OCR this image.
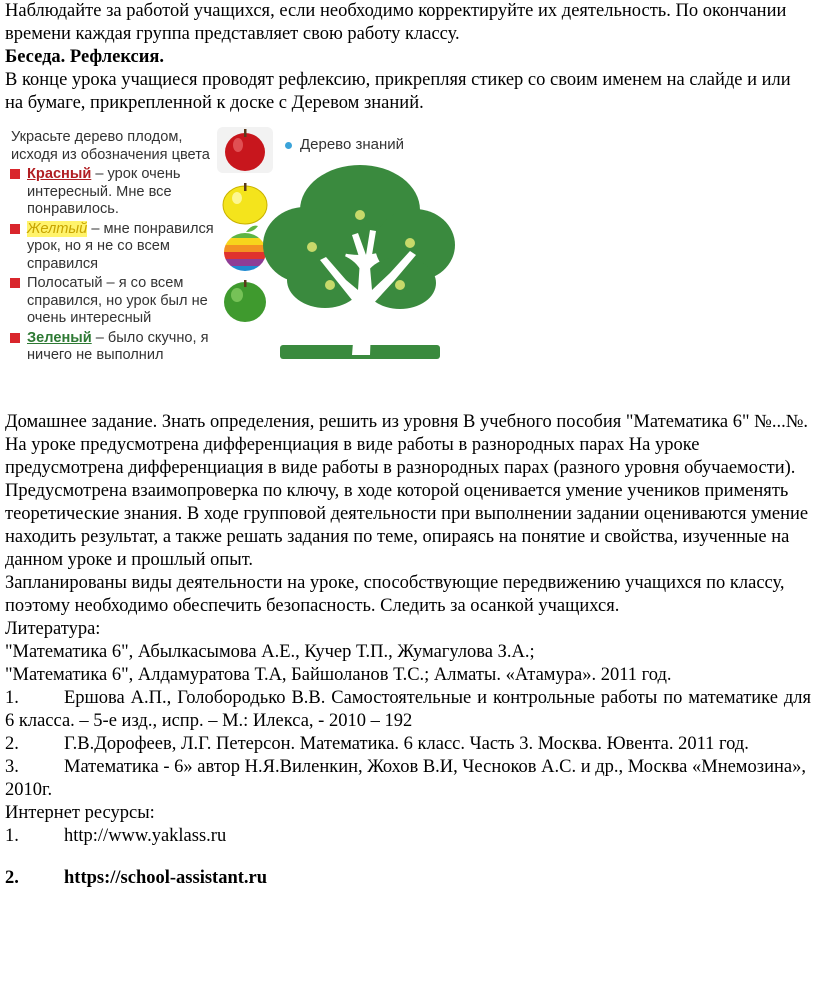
Наблюдайте за работой учащихся, если необходимо корректируйте их деятельность. По окончании времени каждая группа представляет свою работу классу.

Беседа. Рефлексия.

В конце урока учащиеся проводят рефлексию, прикрепляя стикер со своим именем на слайде и или на бумаге, прикрепленной к доске с Деревом знаний.

Украсьте дерево плодом, исходя из обозначения цвета
Красный – урок очень интересный. Мне все понравилось.
Желтый – мне понравился урок, но я не со всем справился
Полосатый – я со всем справился, но урок был не очень интересный
Зеленый – было скучно, я ничего не выполнил
Дерево знаний

Домашнее задание. Знать определения, решить из уровня В учебного пособия "Математика 6" №...№.

На уроке предусмотрена дифференциация в виде работы в разнородных парах На уроке предусмотрена дифференциация в виде работы в разнородных парах (разного уровня обучаемости).

Предусмотрена взаимопроверка по ключу, в ходе которой оценивается умение учеников применять теоретические знания. В ходе групповой деятельности при выполнении задании оцениваются умение находить результат, а также решать задания по теме, опираясь на понятие и свойства, изученные на данном уроке и прошлый опыт.

Запланированы виды деятельности на уроке, способствующие передвижению учащихся по классу, поэтому необходимо обеспечить безопасность. Следить за осанкой учащихся.

Литература:

"Математика 6", Абылкасымова А.Е., Кучер Т.П., Жумагулова З.А.;

"Математика 6", Алдамуратова Т.А, Байшоланов Т.С.; Алматы. «Атамура». 2011 год.

1. Ершова А.П., Голобородько В.В. Самостоятельные и контрольные работы по математике для 6 класса. – 5-е изд., испр. – М.: Илекса, - 2010 – 192

2. Г.В.Дорофеев, Л.Г. Петерсон. Математика. 6 класс. Часть 3. Москва. Ювента. 2011 год.

3. Математика - 6» автор Н.Я.Виленкин, Жохов В.И, Чесноков А.С. и др., Москва «Мнемозина», 2010г.

Интернет ресурсы:

1. http://www.yaklass.ru

2. https://school-assistant.ru
